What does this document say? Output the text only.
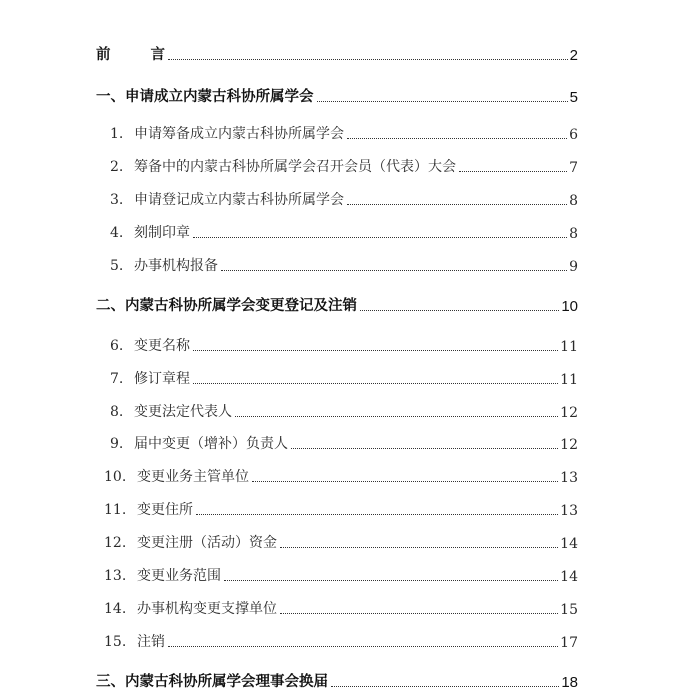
前	言	2
一、申请成立内蒙古科协所属学会	5
1. 申请筹备成立内蒙古科协所属学会	6
2. 筹备中的内蒙古科协所属学会召开会员（代表）大会	7
3. 申请登记成立内蒙古科协所属学会	8
4. 刻制印章	8
5. 办事机构报备	9
二、内蒙古科协所属学会变更登记及注销	10
6. 变更名称	11
7. 修订章程	11
8. 变更法定代表人	12
9. 届中变更（增补）负责人	12
10. 变更业务主管单位	13
11. 变更住所	13
12. 变更注册（活动）资金	14
13. 变更业务范围	14
14. 办事机构变更支撑单位	15
15. 注销	17
三、内蒙古科协所属学会理事会换届	18
